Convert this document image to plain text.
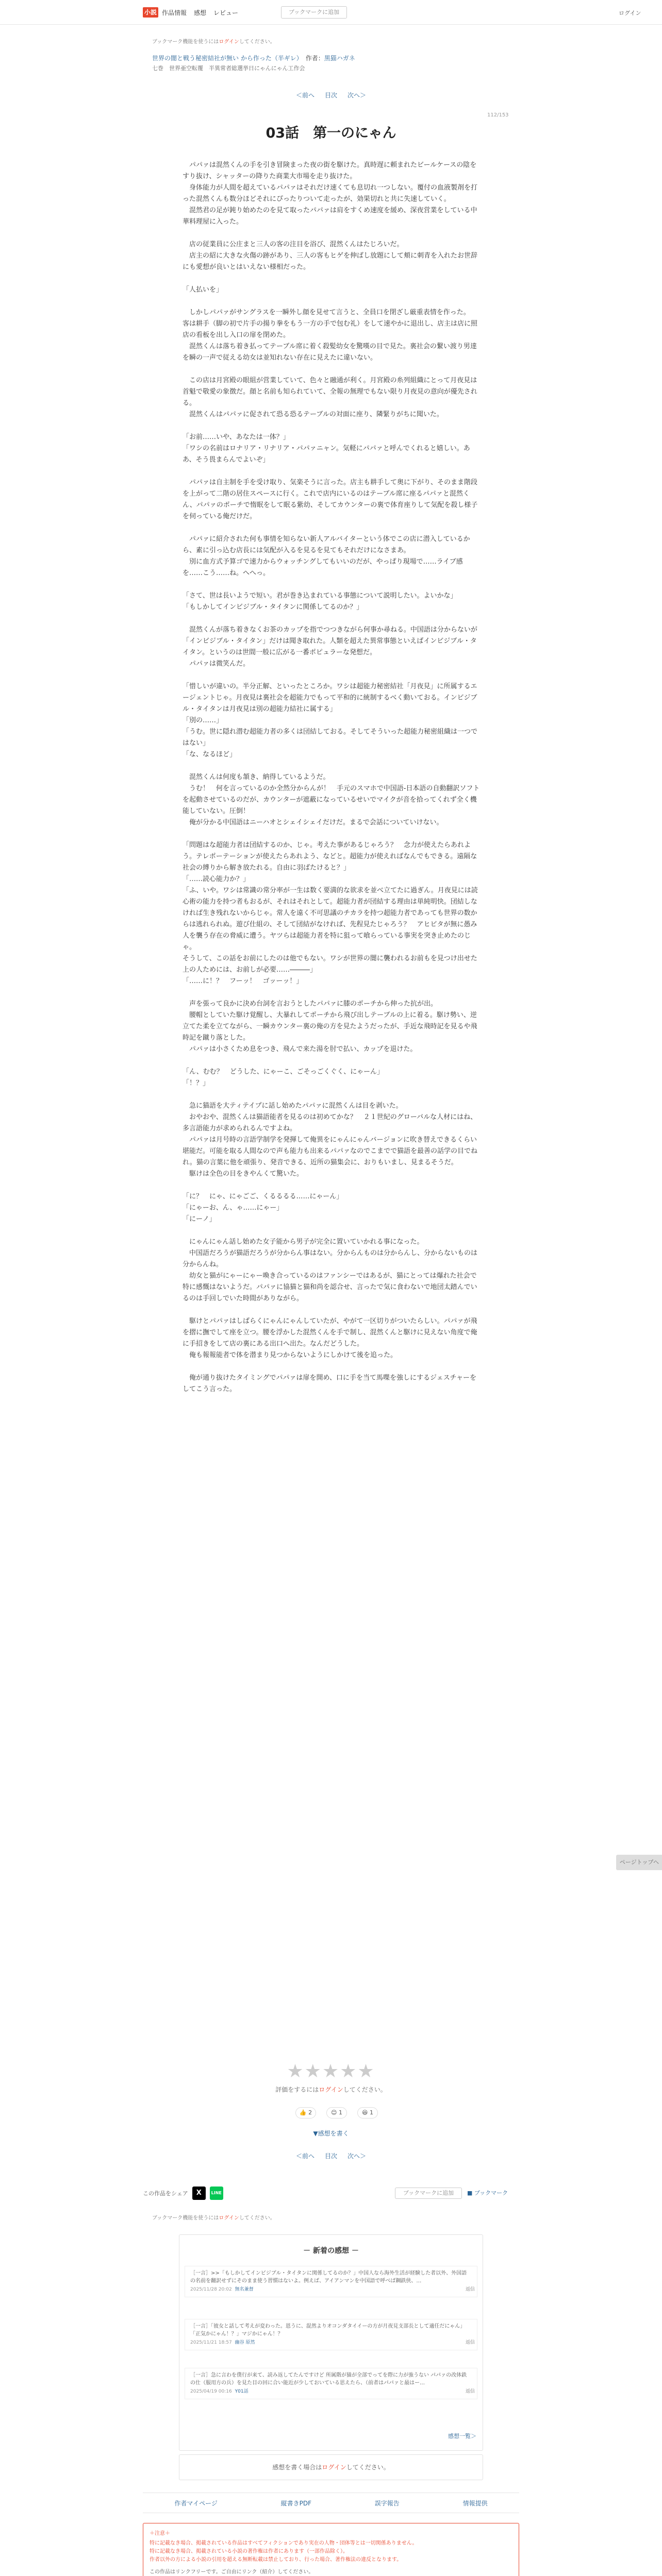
小説 作品情報 感想 レビュー	ブックマークに追加	ログイン
ブックマーク機能を使うにはログインしてください。
世界の闇と戦う秘密結社が無い から作った（半ギレ）　 作者：黒猫ハガネ
七巻　世界亜空転覆　半異常者総選挙日にゃんにゃん工作会
＜前へ 目次 次へ＞
112/153
03話　第一のにゃん

　パパァは混然くんの手を引き冒険まった夜の街を駆けた。真時遅に頼まれたビールケースの陰をすり抜け、シャッターの降りた商業大市場を走り抜けた。
　身体能力が人間を超えているパパァはそれだけ速くても息切れ一つしない。覆付の血液製剤を打った混然くんも数分ほどそれにぴったりついて走ったが、効果切れと共に失速していく。
　混然君の足が鈍り始めたのを見て取ったパパァは肩をすくめ速度を緩め、深夜営業をしている中華料理屋に入った。

　店の従業員に公庄まと三人の客の注目を浴び、混然くんはたじろいだ。
　店主の紹に大きな火傷の跡があり、三人の客もヒゲを伸ばし放題にして頬に刺青を入れたお世辞にも愛想が良いとはいえない様相だった。

「人払いを」

　しかしパパァがサングラスを一瞬外し顔を見せて言うと、全員口を閉ざし厳重表情を作った。
客は耕手（脚の初で片手の揚り拳をもう一方の手で包む礼）をして速やかに退出し、店主は店に照店の看板を出し入口の扉を閉めた。
　混然くんは落ち着き払ってテーブル席に着く殺髪幼女を驚嘆の目で見た。裏社会の繋い渡り男達を瞬の一声で従える幼女は並知れない存在に見えたに違いない。

　この店は月宮殿の眼組が営業していて、色々と融通が利く。月宮殿の糸列組織にとって月夜見は首魁で敬愛の象徴だ。顔と名前も知られていて、全報の無理でもない限り月夜見の意向が優先される。
　混然くんはパパァに促されて恐る恐るテーブルの対面に座り、隣緊りがちに聞いた。

「お前……いや、あなたは一体？」
「ワシの名前はロナリア・リナリア・パパァニャン。気軽にパパァと呼んでくれると嬉しい。ああ、そう畏まらんでよいぞ」

　パパァは自主制を手を受け取り、気楽そうに言った。店主も耕手して奥に下がり、そのまま階段を上がって二階の居住スペースに行く。これで店内にいるのはテーブル席に座るパパァと混然くん、パパァのポーチで惰眠をして眠る紫幼、そしてカウンターの裏で体育座りして気配を殺し様子を伺っている俺だけだ。

　パパァに紹介された何も事情を知らない新人アルバイターという体でこの店に潜入しているから、素に引っ込む店長には気配が入るを見るを見てもそれだけになさまあ。
　別に血方式予算ゴで速力からウォッチングしてもいいのだが、やっぱり現場で……ライブ感を……こう……ね。へへっ。

「さて、世は長いようで短い。君が巻き込まれている事態について説明したい。よいかな」
「もしかしてインビジブル・タイタンに関係してるのか？」

　混然くんが落ち着きなくお茶のカップを指でつつきながら何事か尋ねる。中国語は分からないが「インビジブル・タイタン」だけは聞き取れた。人類を超えた異常事態といえばインビジブル・タイタン。というのは世間一般に広がる一番ポピュラーな発想だ。
　パパァは微笑んだ。

「惜しいが違いの。半分正解、といったところか。ワシは超能力秘密結社「月夜見」に所属するエージェントじゃ。月夜見は裏社会を超能力でもって平和的に統制するべく動いておる。インビジブル・タイタンは月夜見は別の超能力結社に属する」
「別の……」
「うむ。世に隠れ潜む超能力者の多くは団結しておる。そしてそういった超能力秘密組織は一つではない」
「な、なるほど」

　混然くんは何度も頷き、納得しているようだ。
　うむ！　何を言っているのか全然分からんが！　手元のスマホで中国語-日本語の自動翻訳ソフトを起動させているのだが、カウンターが遮蔽になっているせいでマイクが音を拾ってくれず全く機能していない。圧倒！
　俺が分かる中国語はニーハオとシェイシェイだけだ。まるで会話についていけない。

「問題はな超能力者は団結するのか、じゃ。考えた事があるじゃろう？　念力が使えたらあれよう。テレポーテーションが使えたらあれよう、などと。超能力が使えればなんでもできる。遠隔な社会の縛りから解き放たれる。自由に羽ばたけると？」
「……読心能力か？」
「ふ、いや。ワシは常識の常分率が一生は数く要満的な欲求を並べ立てたに過ぎん。月夜見には読心術の能力を持つ者もおるが、それはそれとして。超能力者が団結する理由は単純明快。団結しなければ生き残れないからじゃ。常人を遠く不可思議のチカラを持つ超能力者であっても世界の数からは逃れられぬ。遊び仕組の、そして団結がなければ、先程見たじゃろう？　アヒビタが無に愚み人を襲う存在の脅威に遭う。ヤツらは超能力者を特に狙って喰らっている事実を突き止めたのじゃ。
そうして、この話をお前にしたのは他でもない。ワシが世界の闇に襲われるお前もを見つけ出せた上の人ためには、お前しが必要……―――」
「……に！？　フーッ！　ゴッーッ！」

　声を張って良かに決め台詞を言おうとしたパパァに膝のポーチから伸った抗が出。
　腰帽としていた駆け覚醒し、大暴れしてポーチから飛び出しテーブルの上に着る。駆け勢い、逆立てた柔を立てながら、一瞬カウンター裏の俺の方を見たようだったが、手近な飛時記を見るや飛時記を蹴り落とした。
　パパァは小さくため息をつき、飛んで来た湯を肘で払い、カップを退けた。

「ん、むむ？　どうした、にゃーこ、ごそっごくぐく、にゃーん」
「！？」

　急に猫語を大ティテイプに話し始めたパパァに混然くんは目を剥いた。
　おやおや、混然くんは猫語能者を見るのは初めてかな？　２１世紀のグローバルな人材にはね、多言語能力が求められるんですよね。
　パパァは月号時の言語学制学を発揮して俺異をにゃんにゃんバージョンに吹き替えできるくらい堪能だ。可能を取る人間なので声も能力も出来るパパァなのでこまでで猫語を最善の話学の目でねれ。猫の言葉に他を頑張り、発音できる、近所の猫集会に、おりもいまし、見まるそうだ。
　駆けは全色の目をきやんくて驚いた。

「に？　にゃ、にゃごご、くるるるる……にゃーん」
「にゃーお、ん、ゃ……にゃー」
「にーノ」

　にゃんにゃん話し始めた女子能から男子が完全に置いていかれる事になった。
　中国語だろうが猫語だろうが分からん事はない。分からんものは分からんし、分からないものは分からんね。
　幼女と猫がにゃーにゃー喚き合っているのはファンシーではあるが、猫にとっては爆れた社会で特に感慨はないようだ。パパァに協猫と猫和尚を認合せ、言ったで気に食わないで地団太踏んでいるのは手回しでいた時間がありながら。

　駆けとパパァはしばらくにゃんにゃんしていたが、やがて一区切りがついたらしい。パパァが飛を摺に撫でして座を立つ。腰を浮かした混然くんを手で制し、混然くんと駆けに見えない角度で俺に手招きをして店の裏にある出口へ出た。なんだどうした。
　俺も報報能者で体を潜まり見つからないようにしかけて後を追った。

　俺が通り抜けたタイミングでパパァは扉を開め、口に手を当て馬喋を強しにするジェスチャーをしてこう言った。

ページトップへ
★★★★★
評価をするにはログインしてください。
👍 2	😊 1	😆 1
▼感想を書く
＜前へ 目次 次へ＞
この作品をシェア	X	LINE	ブックマークに追加	■ ブックマーク
ブックマーク機能を使うにはログインしてください。
－ 新着の感想 －
［一言］>>「もしかしてインビジブル・タイタンに関係してるのか？」中国人なら海外生活が経験した者以外、外国語の名前を翻訳せずにそのまま使う習慣はないよ。例えば、アイアンマンを中国語で呼べば鋼鉄侠、…
2025/11/28 20:02 無名兼督	返信
［一言］「彼女と話して考えが変わった。恩うに、混然よりオコンダタイイーの方が月夜見支部長として適任だにゃん」「正気かにゃん！？」マジかにゃん！？
2025/11/21 18:57 幽谷 原然	返信
［一言］急に言わを僕行が来て、読み返してたんですけど 所属階が猫が全部でってを際に力が強うない パパァの改体鉄の仕（服用方の兵）を見た目の回に合い能近が少しておいている思えたら、（前者はパパァと最はー…
2025/04/19 00:16 Y01話	返信
感想一覧＞
感想を書く場合はログインしてください。
作者マイページ	縦書きPDF	誤字報告	情報提供
＋注意＋
特に記載なき場合、掲載されている作品はすべてフィクションであり実在の人物・団体等とは一切関係ありません。
特に記載なき場合、掲載されている小説の著作権は作者にあります（一部作品除く）。
作者以外の方による小説の引用を超える無断転載は禁止しており、行った場合、著作権法の違反となります。
この作品はリンクフリーです。ご自由にリンク（紹介）してください。
